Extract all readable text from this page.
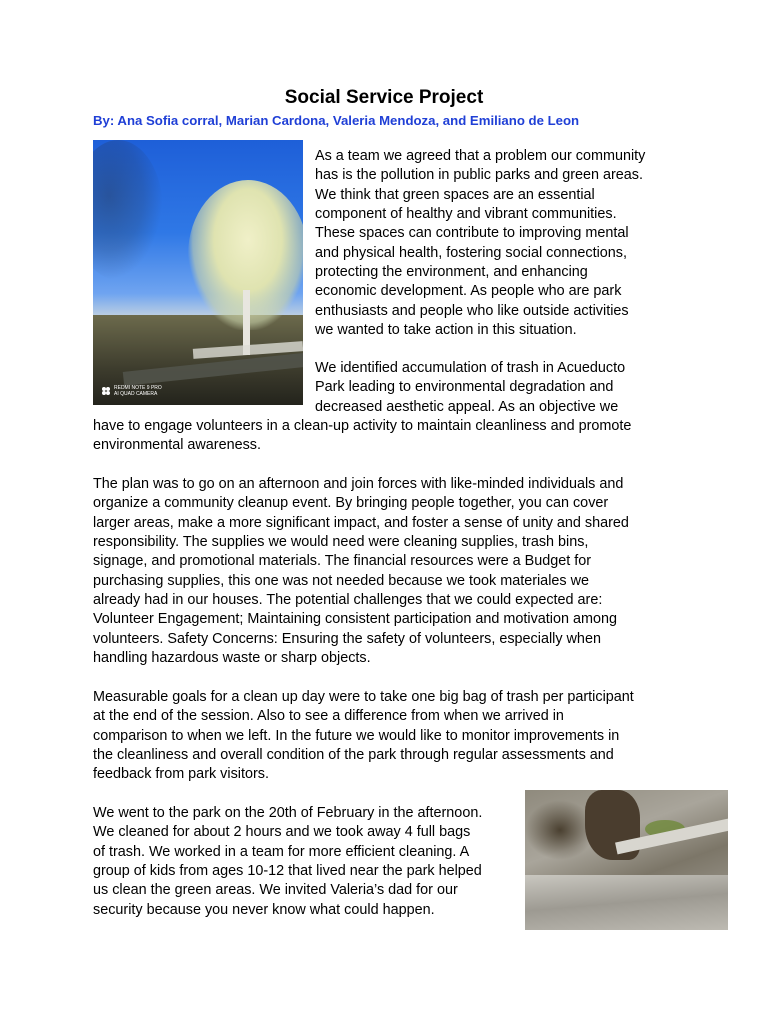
Social Service Project
By: Ana Sofia corral, Marian Cardona, Valeria Mendoza, and Emiliano de Leon
REDMI NOTE 9 PRO
AI QUAD CAMERA
As a team we agreed that a problem our community
has is the pollution in public parks and green areas.
We think that green spaces are an essential
component of healthy and vibrant communities.
These spaces can contribute to improving mental
and physical health, fostering social connections,
protecting the environment, and enhancing
economic development. As people who are park
enthusiasts and people who like outside activities
we wanted to take action in this situation.
We identified accumulation of trash in Acueducto
Park leading to environmental degradation and
decreased aesthetic appeal. As an objective we
have to engage volunteers in a clean-up activity to maintain cleanliness and promote
environmental awareness.
The plan was to go on an afternoon and join forces with like-minded individuals and
organize a community cleanup event. By bringing people together, you can cover
larger areas, make a more significant impact, and foster a sense of unity and shared
responsibility. The supplies we would need were cleaning supplies, trash bins,
signage, and promotional materials. The financial resources were a Budget for
purchasing supplies, this one was not needed because we took materiales we
already had in our houses. The potential challenges that we could expected are:
Volunteer Engagement; Maintaining consistent participation and motivation among
volunteers. Safety Concerns: Ensuring the safety of volunteers, especially when
handling hazardous waste or sharp objects.
Measurable goals for a clean up day were to take one big bag of trash per participant
at the end of the session. Also to see a difference from when we arrived in
comparison to when we left. In the future we would like to monitor improvements in
the cleanliness and overall condition of the park through regular assessments and
feedback from park visitors.
We went to the park on the 20th of February in the afternoon.
We cleaned for about 2 hours and we took away 4 full bags
of trash. We worked in a team for more efficient cleaning. A
group of kids from ages 10-12 that lived near the park helped
us clean the green areas. We invited Valeria’s dad for our
security because you never know what could happen.
